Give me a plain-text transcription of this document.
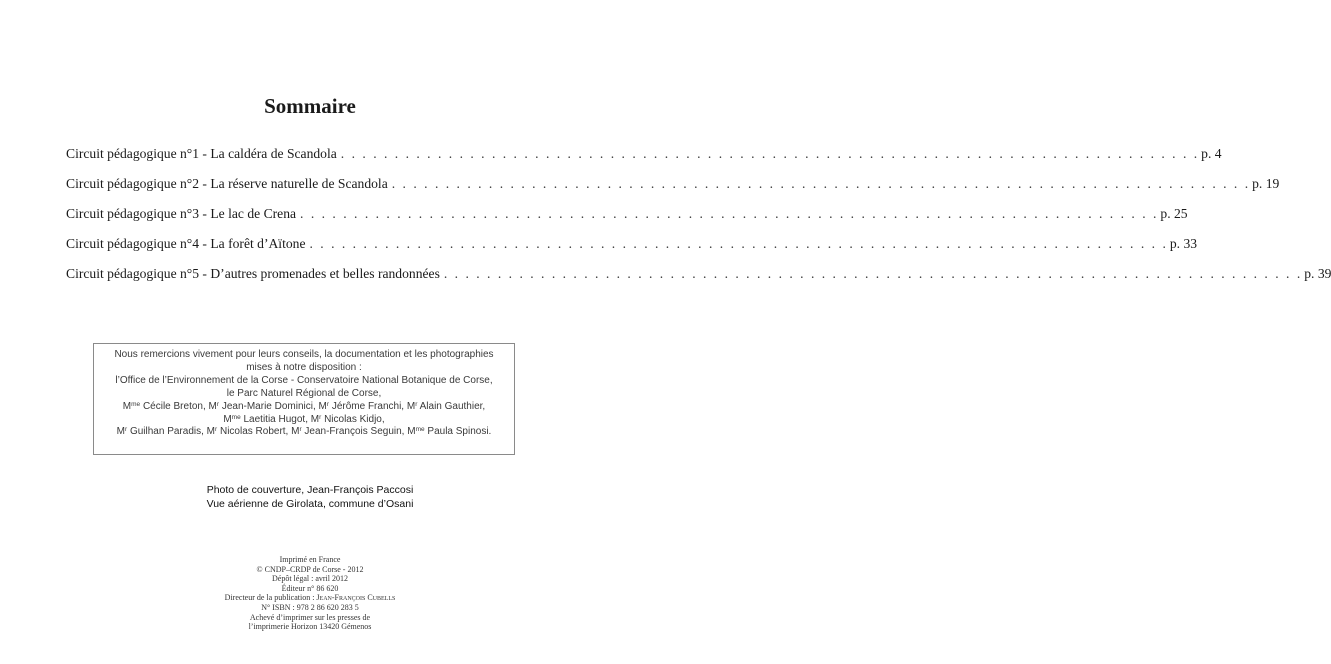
Sommaire
Circuit pédagogique n°1 - La caldéra de Scandola . . . . . . . . . . . . . . . . . . . . . . . . . . . . . . . . . . . . . . . . . . . . . . . . . . . . . . . . . . . . . . . . . . . . . . . . . . . . . . . . p. 4
Circuit pédagogique n°2 - La réserve naturelle de Scandola . . . . . . . . . . . . . . . . . . . . . . . . . . . . . . . . . . . . . . . . . . . . . . . . . . . . . . . . . . . . . . . . . . . . . . . . . . . . . . . . p. 19
Circuit pédagogique n°3 - Le lac de Crena . . . . . . . . . . . . . . . . . . . . . . . . . . . . . . . . . . . . . . . . . . . . . . . . . . . . . . . . . . . . . . . . . . . . . . . . . . . . . . . . p. 25
Circuit pédagogique n°4 - La forêt d’Aïtone . . . . . . . . . . . . . . . . . . . . . . . . . . . . . . . . . . . . . . . . . . . . . . . . . . . . . . . . . . . . . . . . . . . . . . . . . . . . . . . . p. 33
Circuit pédagogique n°5 - D’autres promenades et belles randonnées . . . . . . . . . . . . . . . . . . . . . . . . . . . . . . . . . . . . . . . . . . . . . . . . . . . . . . . . . . . . . . . . . . . . . . . . . . . . . . . . p. 39

Nous remercions vivement pour leurs conseils, la documentation et les photographies

mises à notre disposition :

l’Office de l’Environnement de la Corse - Conservatoire National Botanique de Corse,

le Parc Naturel Régional de Corse,

$M^{me}$ Cécile Breton, $M^r$ Jean-Marie Dominici, $M^r$ Jérôme Franchi, $M^r$ Alain Gauthier,

$M^{me}$ Laetitia Hugot, $M^r$ Nicolas Kidjo,

$M^r$ Guilhan Paradis, $M^r$ Nicolas Robert, $M^r$ Jean-François Seguin, $M^{me}$ Paula Spinosi.

Photo de couverture, Jean-François Paccosi

Vue aérienne de Girolata, commune d’Osani

Imprimé en France

© CNDP–CRDP de Corse - 2012

Dépôt légal : avril 2012

Éditeur n° 86 620

Directeur de la publication : Jean-François Cubells

N° ISBN : 978 2 86 620 283 5

Achevé d’imprimer sur les presses de

l’imprimerie Horizon 13420 Gémenos
